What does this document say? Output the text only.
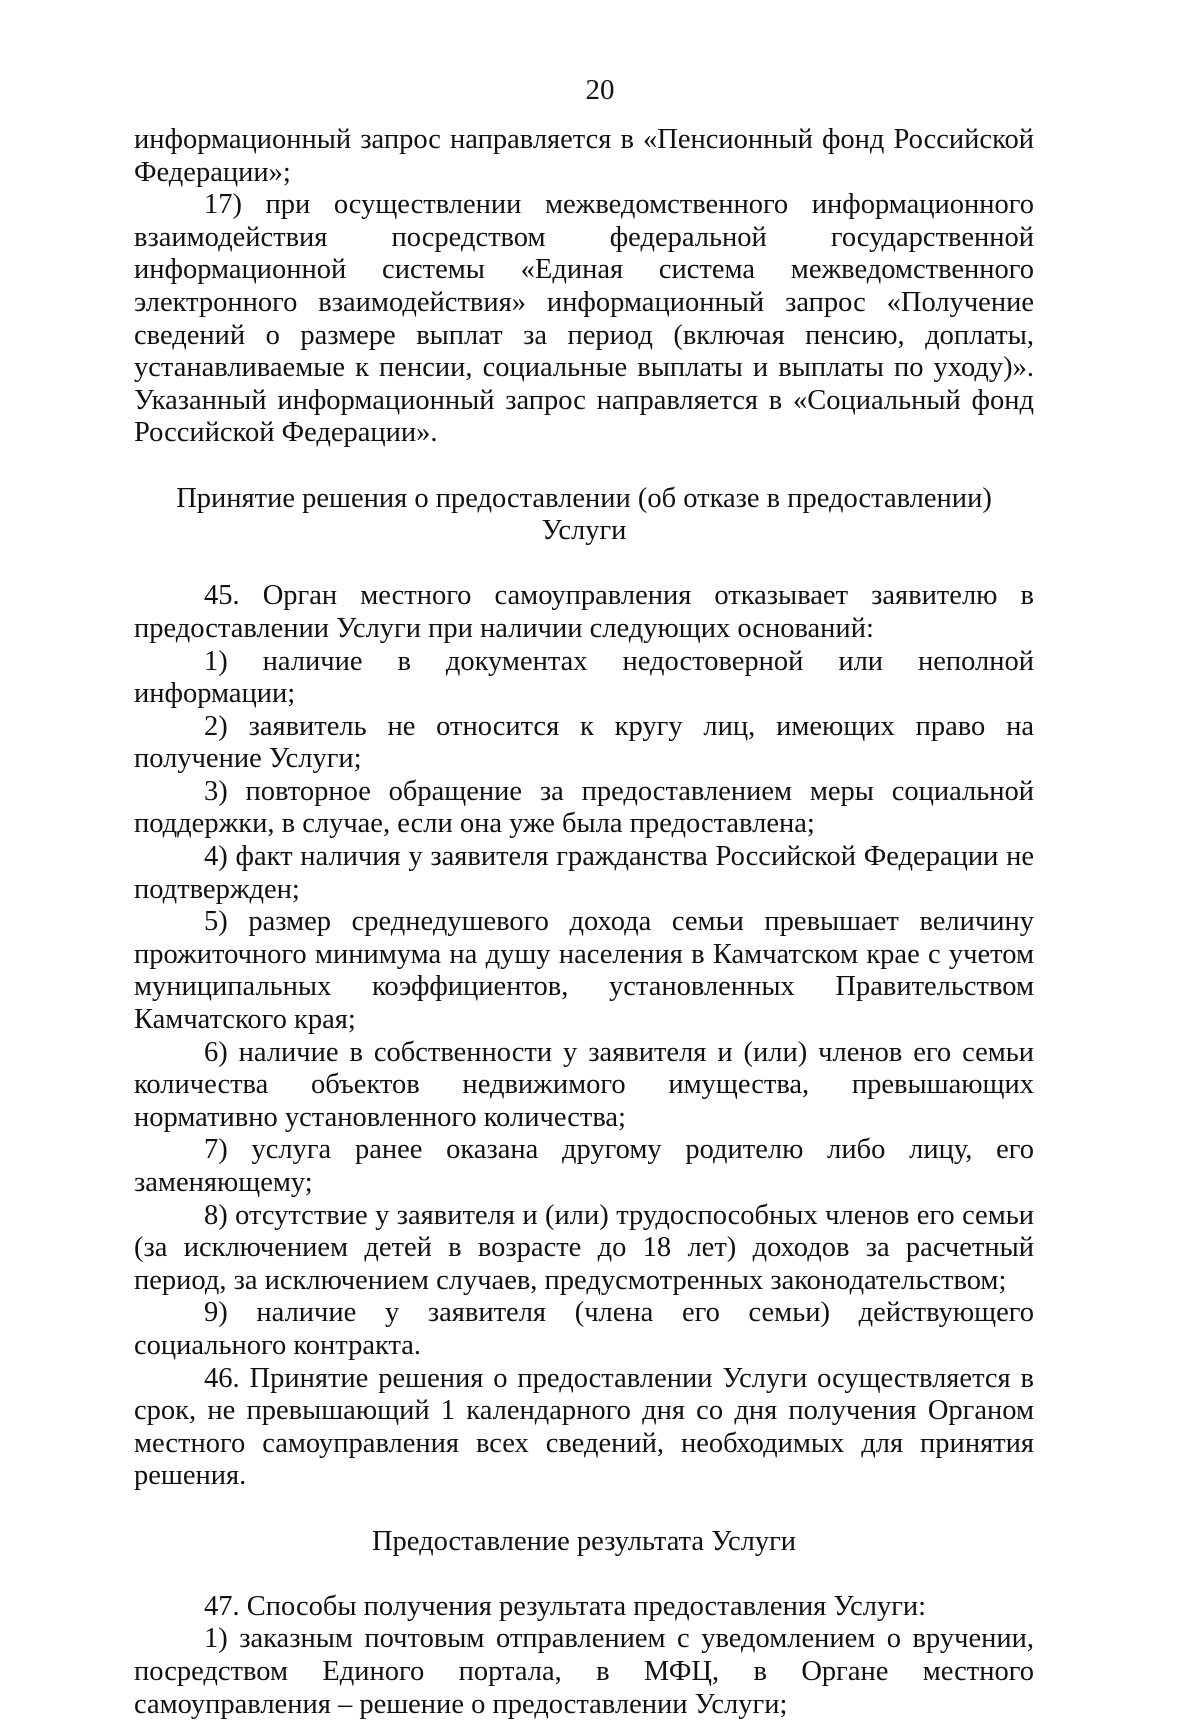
20

информационный запрос направляется в «Пенсионный фонд Российской Федерации»;

17) при осуществлении межведомственного информационного взаимодействия посредством федеральной государственной информационной системы «Единая система межведомственного электронного взаимодействия» информационный запрос «Получение сведений о размере выплат за период (включая пенсию, доплаты, устанавливаемые к пенсии, социальные выплаты и выплаты по уходу)». Указанный информационный запрос направляется в «Социальный фонд Российской Федерации».

Принятие решения о предоставлении (об отказе в предоставлении) Услуги

45. Орган местного самоуправления отказывает заявителю в предоставлении Услуги при наличии следующих оснований:

1) наличие в документах недостоверной или неполной информации;

2) заявитель не относится к кругу лиц, имеющих право на получение Услуги;

3) повторное обращение за предоставлением меры социальной поддержки, в случае, если она уже была предоставлена;

4) факт наличия у заявителя гражданства Российской Федерации не подтвержден;

5) размер среднедушевого дохода семьи превышает величину прожиточного минимума на душу населения в Камчатском крае с учетом муниципальных коэффициентов, установленных Правительством Камчатского края;

6) наличие в собственности у заявителя и (или) членов его семьи количества объектов недвижимого имущества, превышающих нормативно установленного количества;

7) услуга ранее оказана другому родителю либо лицу, его заменяющему;

8) отсутствие у заявителя и (или) трудоспособных членов его семьи (за исключением детей в возрасте до 18 лет) доходов за расчетный период, за исключением случаев, предусмотренных законодательством;

9) наличие у заявителя (члена его семьи) действующего социального контракта.

46. Принятие решения о предоставлении Услуги осуществляется в срок, не превышающий 1 календарного дня со дня получения Органом местного самоуправления всех сведений, необходимых для принятия решения.

Предоставление результата Услуги

47. Способы получения результата предоставления Услуги:

1) заказным почтовым отправлением с уведомлением о вручении, посредством Единого портала, в МФЦ, в Органе местного самоуправления – решение о предоставлении Услуги;
